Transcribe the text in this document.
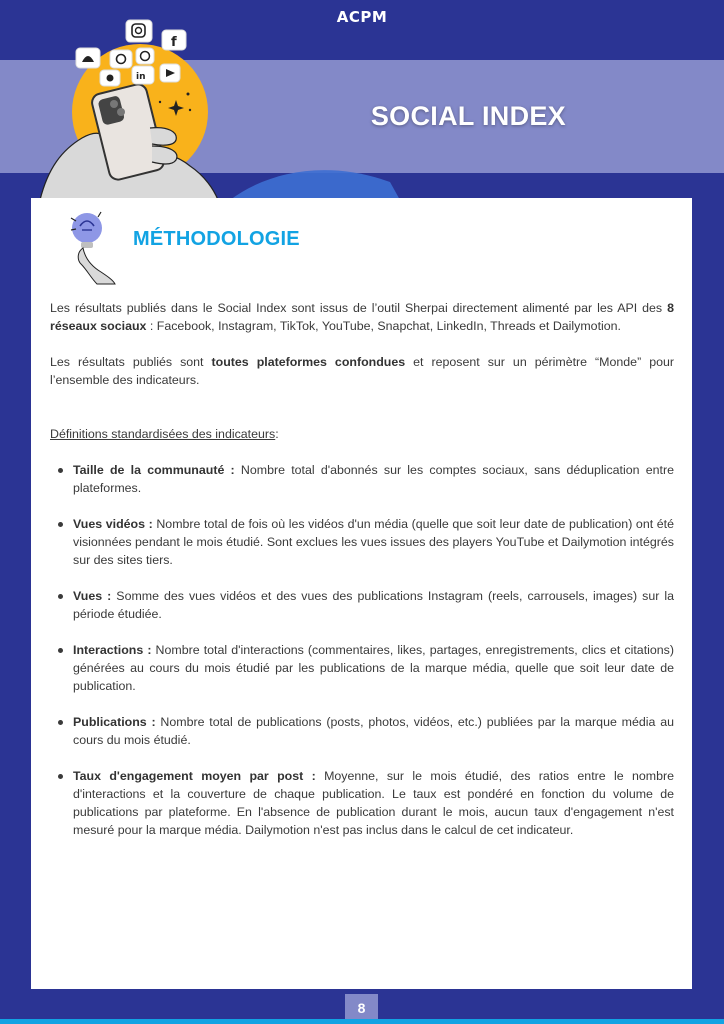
ACPM
f
in
SOCIAL INDEX
MÉTHODOLOGIE

Les résultats publiés dans le Social Index sont issus de l’outil Sherpai directement alimenté par les API des 8 réseaux sociaux : Facebook, Instagram, TikTok, YouTube, Snapchat, LinkedIn, Threads et Dailymotion.

Les résultats publiés sont toutes plateformes confondues et reposent sur un périmètre “Monde” pour l’ensemble des indicateurs.

Définitions standardisées des indicateurs:

Taille de la communauté : Nombre total d'abonnés sur les comptes sociaux, sans déduplication entre plateformes.
Vues vidéos : Nombre total de fois où les vidéos d'un média (quelle que soit leur date de publication) ont été visionnées pendant le mois étudié. Sont exclues les vues issues des players YouTube et Dailymotion intégrés sur des sites tiers.
Vues : Somme des vues vidéos et des vues des publications Instagram (reels, carrousels, images) sur la période étudiée.
Interactions : Nombre total d'interactions (commentaires, likes, partages, enregistrements, clics et citations) générées au cours du mois étudié par les publications de la marque média, quelle que soit leur date de publication.
Publications : Nombre total de publications (posts, photos, vidéos, etc.) publiées par la marque média au cours du mois étudié.
Taux d'engagement moyen par post : Moyenne, sur le mois étudié, des ratios entre le nombre d'interactions et la couverture de chaque publication. Le taux est pondéré en fonction du volume de publications par plateforme. En l'absence de publication durant le mois, aucun taux d'engagement n'est mesuré pour la marque média. Dailymotion n'est pas inclus dans le calcul de cet indicateur.
8
